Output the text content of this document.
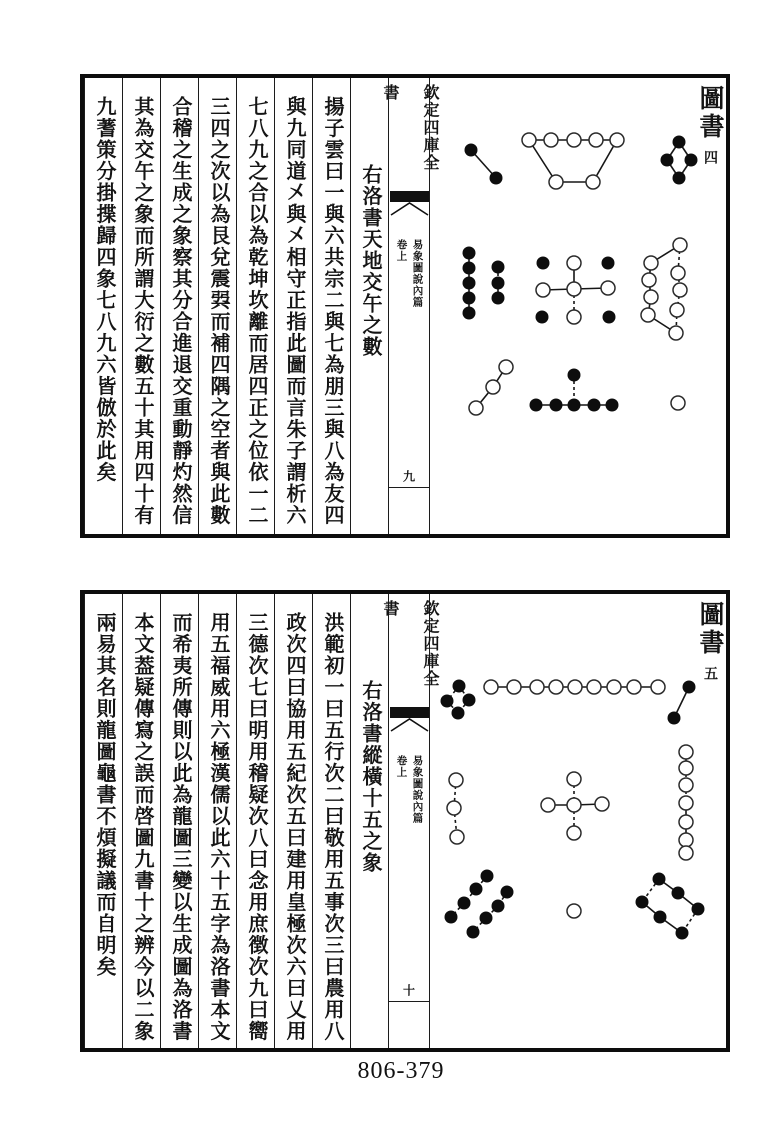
右洛書天地交午之數
揚子雲曰一與六共宗二與七為朋三與八為友四
與九同道㐅與㐅相守正指此圖而言朱子謂析六
七八九之合以為乾坤坎離而居四正之位依一二
三四之次以為艮兌震㢲而補四隅之空者與此數
合稽之生成之象察其分合進退交重動靜灼然信
其為交午之象而所謂大衍之數五十其用四十有
九蓍策分掛揲歸四象七八九六皆倣於此矣	欽定四庫全書
卷上 易象圖說內篇
九
圖書四
右洛書縱橫十五之象
洪範初一曰五行次二曰敬用五事次三曰農用八
政次四曰協用五紀次五曰建用皇極次六曰乂用
三德次七曰明用稽疑次八曰念用庶徴次九曰嚮
用五福威用六極漢儒以此六十五字為洛書本文
而希夷所傳則以此為龍圖三變以生成圖為洛書
本文葢疑傳寫之誤而啓圖九書十之辨今以二象
兩易其名則龍圖龜書不煩擬議而自明矣	欽定四庫全書
卷上 易象圖說內篇
十
圖書五
806-379
